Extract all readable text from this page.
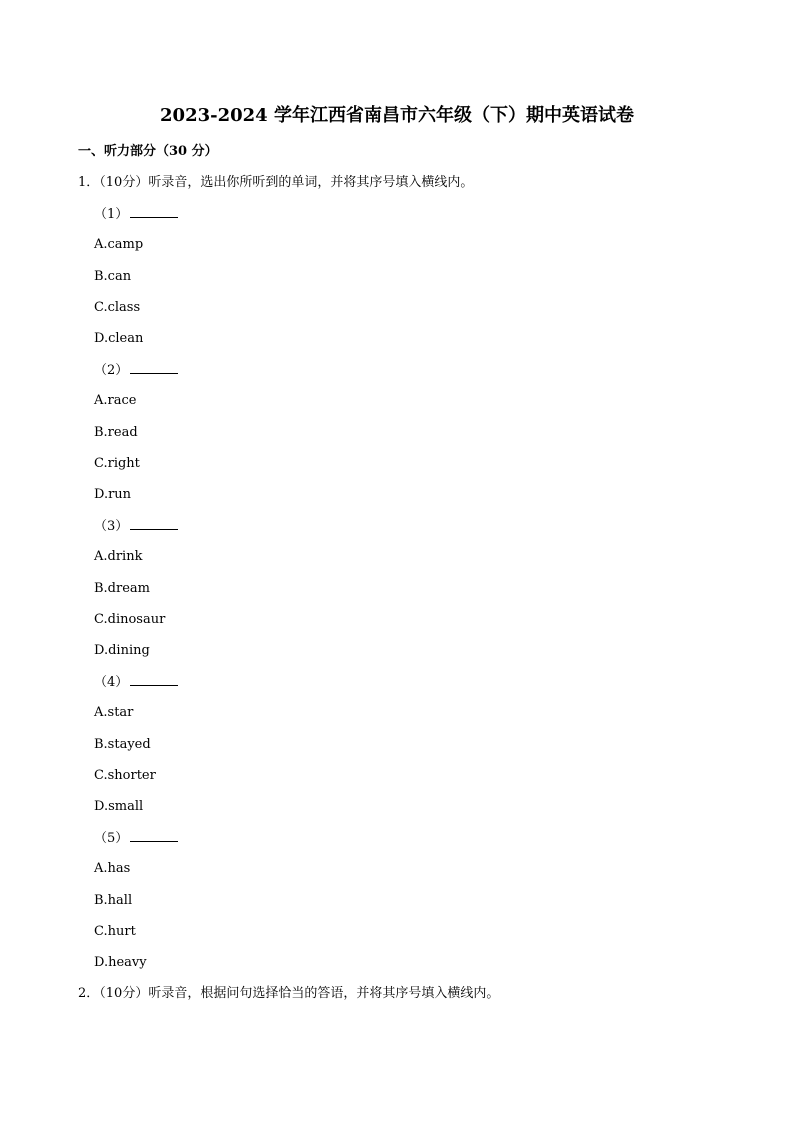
2023-2024 学年江西省南昌市六年级（下）期中英语试卷
一、听力部分（30 分）
1．（10分）听录音，选出你所听到的单词，并将其序号填入横线内。
（1）
A.camp
B.can
C.class
D.clean
（2）
A.race
B.read
C.right
D.run
（3）
A.drink
B.dream
C.dinosaur
D.dining
（4）
A.star
B.stayed
C.shorter
D.small
（5）
A.has
B.hall
C.hurt
D.heavy
2．（10分）听录音，根据问句选择恰当的答语，并将其序号填入横线内。
